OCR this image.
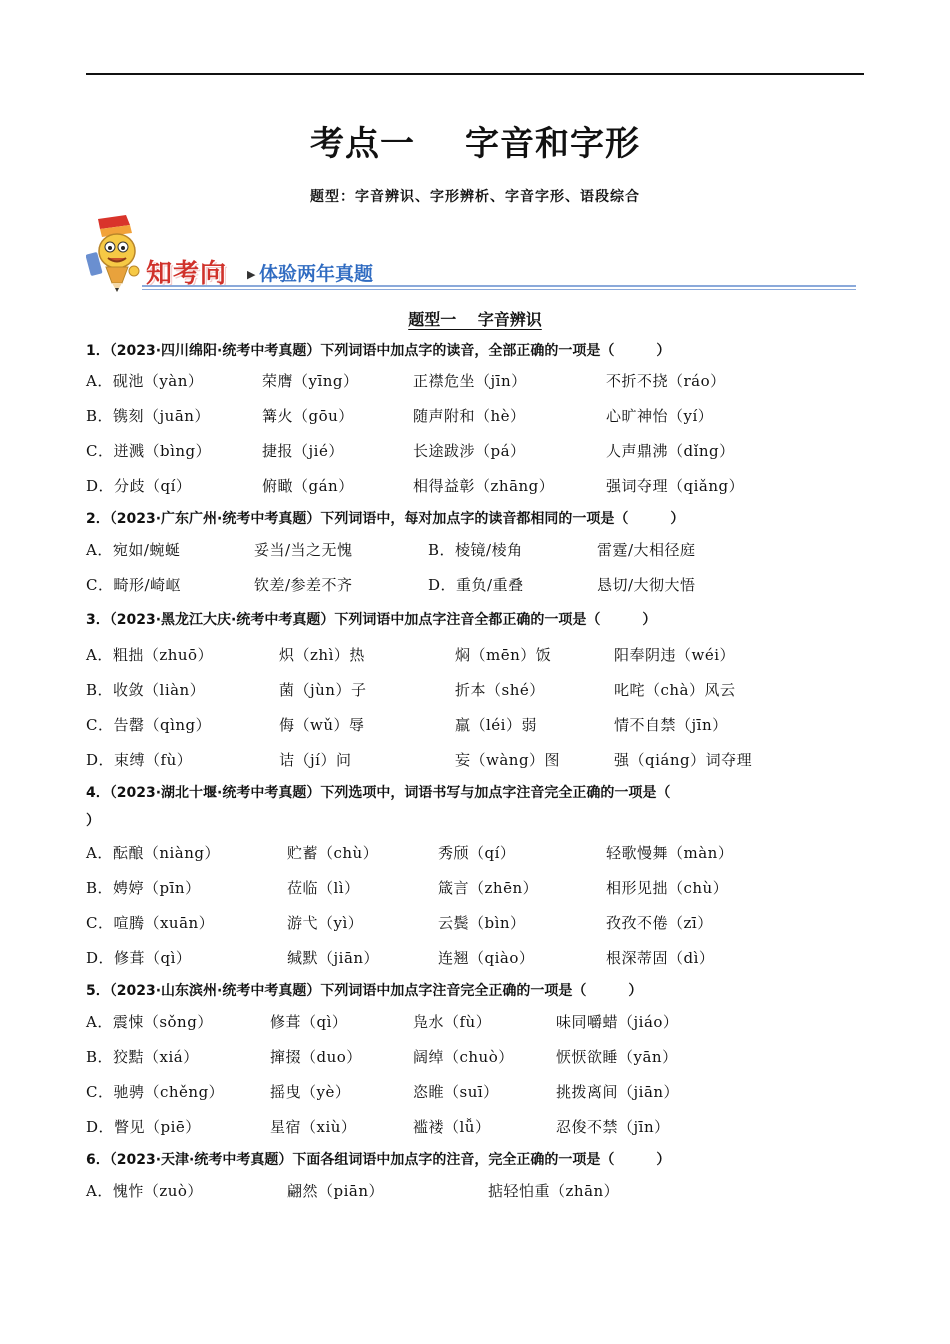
考点一 字音和字形
题型：字音辨识、字形辨析、字音字形、语段综合
知考向 ▶ 体验两年真题
题型一　 字音辨识
1．（2023·四川绵阳·统考中考真题）下列词语中加点字的读音，全部正确的一项是（　　　）
A．砚池（yàn）	荣膺（yīng）	正襟危坐（jīn）	不折不挠（ráo）
B．镌刻（juān）	篝火（gōu）	随声附和（hè）	心旷神怡（yí）
C．迸溅（bìng）	捷报（jié）	长途跋涉（pá）	人声鼎沸（dǐng）
D．分歧（qí）	俯瞰（gán）	相得益彰（zhāng）	强词夺理（qiǎng）
2．（2023·广东广州·统考中考真题）下列词语中，每对加点字的读音都相同的一项是（　　　）
A．宛如/蜿蜒	妥当/当之无愧	B．棱镜/棱角	雷霆/大相径庭
C．畸形/崎岖	钦差/参差不齐	D．重负/重叠	恳切/大彻大悟
3．（2023·黑龙江大庆·统考中考真题）下列词语中加点字注音全都正确的一项是（　　　）
A．粗拙（zhuō）	炽（zhì）热	焖（mēn）饭	阳奉阴违（wéi）
B．收敛（liàn）	菌（jùn）子	折本（shé）	叱咤（chà）风云
C．告罄（qìng）	侮（wǔ）辱	羸（léi）弱	情不自禁（jīn）
D．束缚（fù）	诘（jí）问	妄（wàng）图	强（qiáng）词夺理
4．（2023·湖北十堰·统考中考真题）下列选项中，词语书写与加点字注音完全正确的一项是（
）
A．酝酿（niàng）	贮蓄（chù）	秀颀（qí）	轻歌慢舞（màn）
B．娉婷（pīn）	莅临（lì）	箴言（zhēn）	相形见拙（chù）
C．喧腾（xuān）	游弋（yì）	云鬓（bìn）	孜孜不倦（zī）
D．修葺（qì）	缄默（jiān）	连翘（qiào）	根深蒂固（dì）
5．（2023·山东滨州·统考中考真题）下列词语中加点字注音完全正确的一项是（　　　）
A．震悚（sǒng）	修葺（qì）	凫水（fù）	味同嚼蜡（jiáo）
B．狡黠（xiá）	撺掇（duo）	阔绰（chuò）	恹恹欲睡（yān）
C．驰骋（chěng）	摇曳（yè）	恣睢（suī）	挑拨离间（jiān）
D．瞥见（piē）	星宿（xiù）	褴褛（lǚ）	忍俊不禁（jīn）
6．（2023·天津·统考中考真题）下面各组词语中加点字的注音，完全正确的一项是（　　　）
A．愧怍（zuò）	翩然（piān）	掂轻怕重（zhān）
